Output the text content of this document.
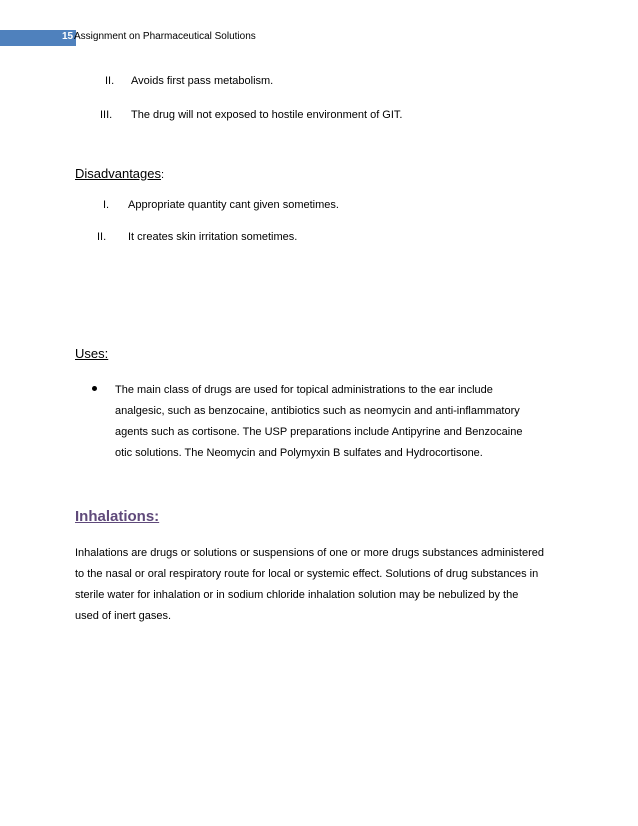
15 Assignment on Pharmaceutical Solutions
II. Avoids first pass metabolism.
III. The drug will not exposed to hostile environment of GIT.
Disadvantages:
I. Appropriate quantity cant given sometimes.
II. It creates skin irritation sometimes.
Uses:
The main class of drugs are used for topical administrations to the ear include analgesic, such as benzocaine, antibiotics such as neomycin and anti-inflammatory agents such as cortisone. The USP preparations include Antipyrine and Benzocaine otic solutions. The Neomycin and Polymyxin B sulfates and Hydrocortisone.
Inhalations:
Inhalations are drugs or solutions or suspensions of one or more drugs substances administered to the nasal or oral respiratory route for local or systemic effect. Solutions of drug substances in sterile water for inhalation or in sodium chloride inhalation solution may be nebulized by the used of inert gases.
